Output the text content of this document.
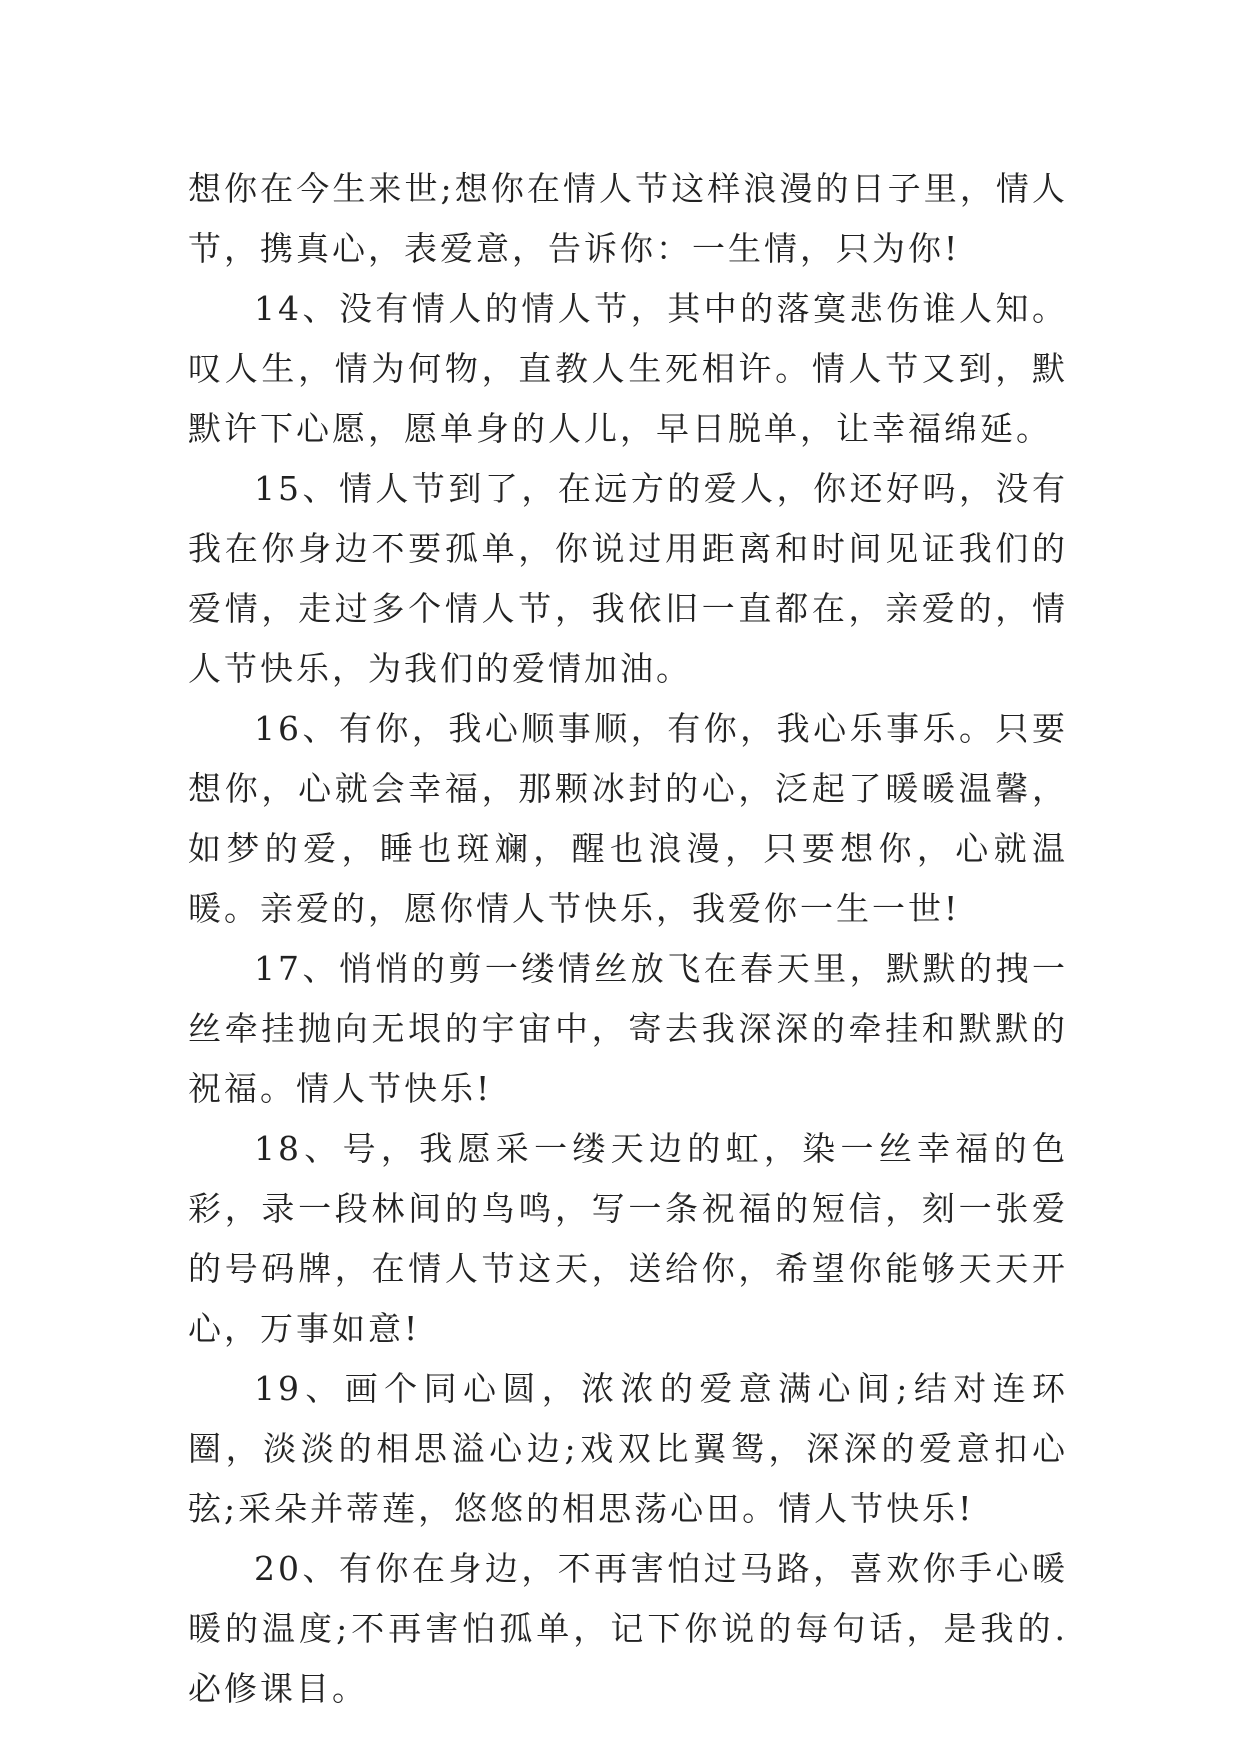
想你在今生来世;想你在情人节这样浪漫的日子里，情人节，携真心，表爱意，告诉你：一生情，只为你!

14、没有情人的情人节，其中的落寞悲伤谁人知。叹人生，情为何物，直教人生死相许。情人节又到，默默许下心愿，愿单身的人儿，早日脱单，让幸福绵延。

15、情人节到了，在远方的爱人，你还好吗，没有我在你身边不要孤单，你说过用距离和时间见证我们的爱情，走过多个情人节，我依旧一直都在，亲爱的，情人节快乐，为我们的爱情加油。

16、有你，我心顺事顺，有你，我心乐事乐。只要想你，心就会幸福，那颗冰封的心，泛起了暖暖温馨，如梦的爱，睡也斑斓，醒也浪漫，只要想你，心就温暖。亲爱的，愿你情人节快乐，我爱你一生一世!

17、悄悄的剪一缕情丝放飞在春天里，默默的拽一丝牵挂抛向无垠的宇宙中，寄去我深深的牵挂和默默的祝福。情人节快乐!

18、号，我愿采一缕天边的虹，染一丝幸福的色彩，录一段林间的鸟鸣，写一条祝福的短信，刻一张爱的号码牌，在情人节这天，送给你，希望你能够天天开心，万事如意!

19、画个同心圆，浓浓的爱意满心间;结对连环圈，淡淡的相思溢心边;戏双比翼鸳，深深的爱意扣心弦;采朵并蒂莲，悠悠的相思荡心田。情人节快乐!

20、有你在身边，不再害怕过马路，喜欢你手心暖暖的温度;不再害怕孤单，记下你说的每句话，是我的.必修课目。
